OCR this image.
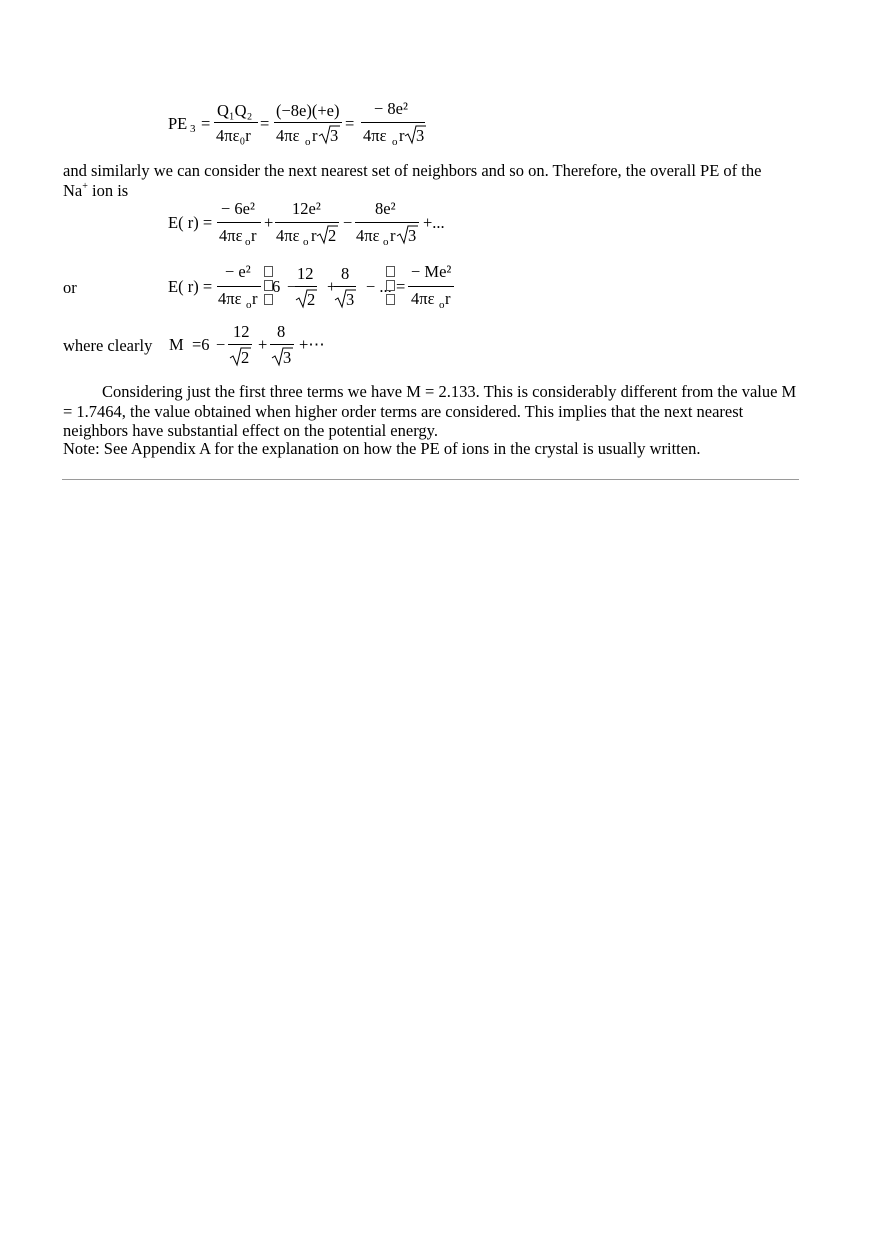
PE 3 =
Q₁Q₂
4πε₀r
=
(−8e)(+e)
4πε o r 3
=
− 8e²
4πε o r 3
and similarly we can consider the next nearest set of neighbors and so on. Therefore, the overall PE of the
Na+ ion is
E( r) =
− 6e²
4πε o r
+
12e²
4πε o r 2
−
8e²
4πε o r 3
+...
or	E( r) =
− e²
4πε o r
6 −
12
2
+
8
3
− ... =
− Me²
4πε o r
where clearly M =6 −
12
2
+
8
3
+⋯
Considering just the first three terms we have M = 2.133. This is considerably different from the value M = 1.7464, the value obtained when higher order terms are considered. This implies that the next nearest neighbors have substantial effect on the potential energy.
Note: See Appendix A for the explanation on how the PE of ions in the crystal is usually written.
